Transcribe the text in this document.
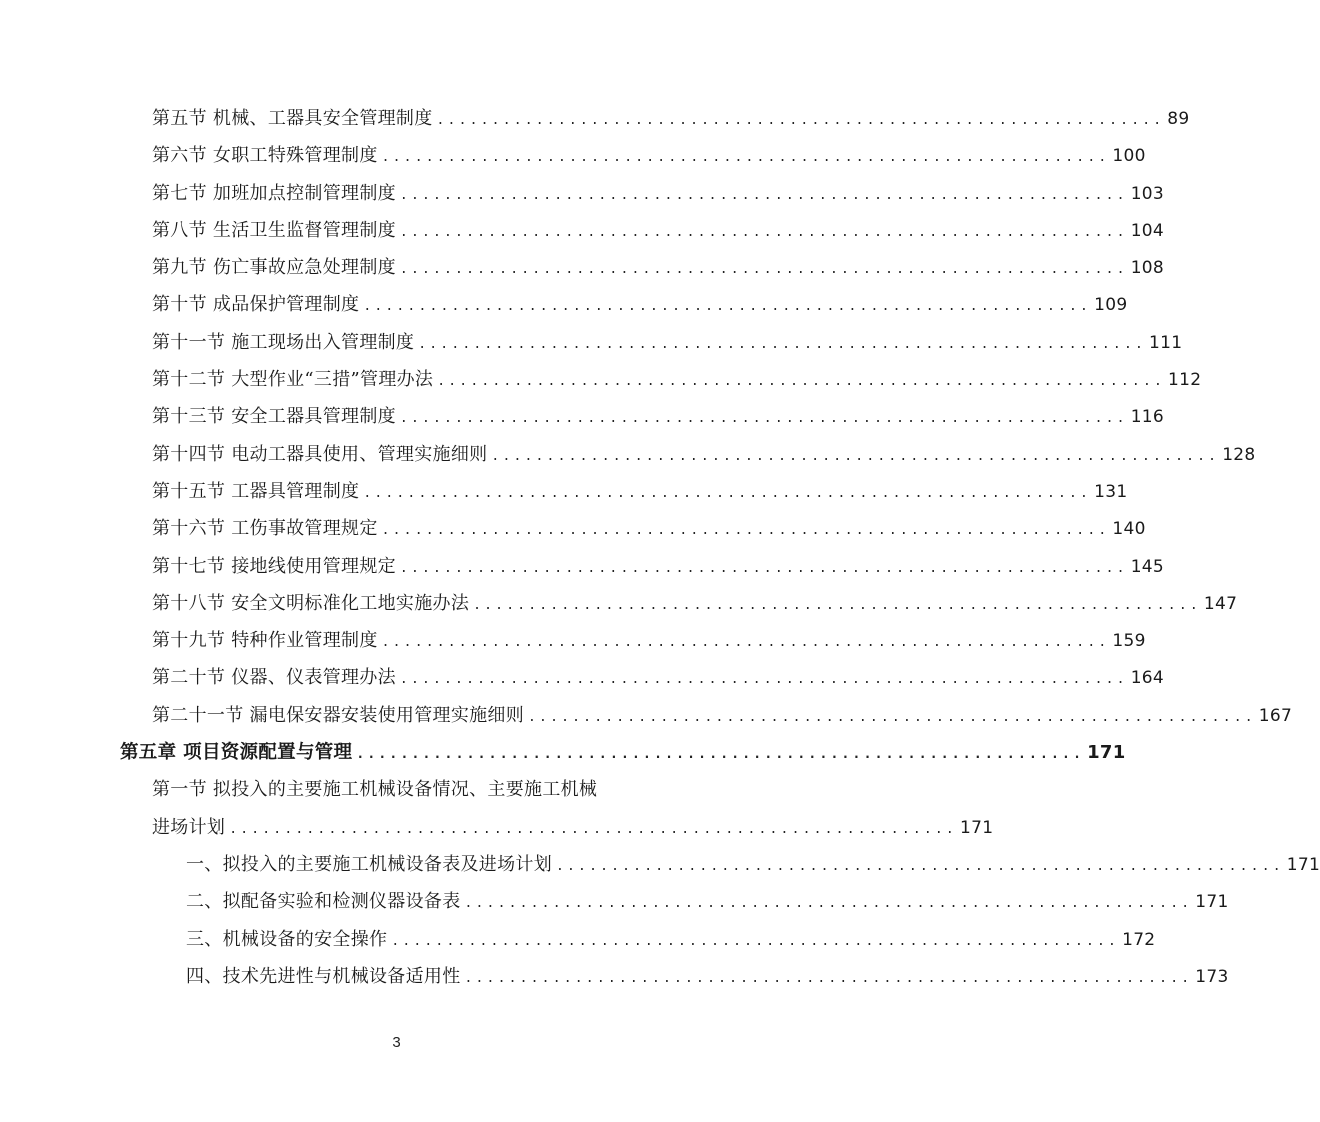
第五节 机械、工器具安全管理制度 .................................................................. 89
第六节 女职工特殊管理制度 .................................................................. 100
第七节 加班加点控制管理制度 .................................................................. 103
第八节 生活卫生监督管理制度 .................................................................. 104
第九节 伤亡事故应急处理制度 .................................................................. 108
第十节 成品保护管理制度 .................................................................. 109
第十一节 施工现场出入管理制度 .................................................................. 111
第十二节 大型作业“三措”管理办法 .................................................................. 112
第十三节 安全工器具管理制度 .................................................................. 116
第十四节 电动工器具使用、管理实施细则 .................................................................. 128
第十五节 工器具管理制度 .................................................................. 131
第十六节 工伤事故管理规定 .................................................................. 140
第十七节 接地线使用管理规定 .................................................................. 145
第十八节 安全文明标准化工地实施办法 .................................................................. 147
第十九节 特种作业管理制度 .................................................................. 159
第二十节 仪器、仪表管理办法 .................................................................. 164
第二十一节 漏电保安器安装使用管理实施细则 .................................................................. 167
第五章 项目资源配置与管理 .................................................................. 171
第一节 拟投入的主要施工机械设备情况、主要施工机械
进场计划 .................................................................. 171
一、拟投入的主要施工机械设备表及进场计划 .................................................................. 171
二、拟配备实验和检测仪器设备表 .................................................................. 171
三、机械设备的安全操作 .................................................................. 172
四、技术先进性与机械设备适用性 .................................................................. 173
3
